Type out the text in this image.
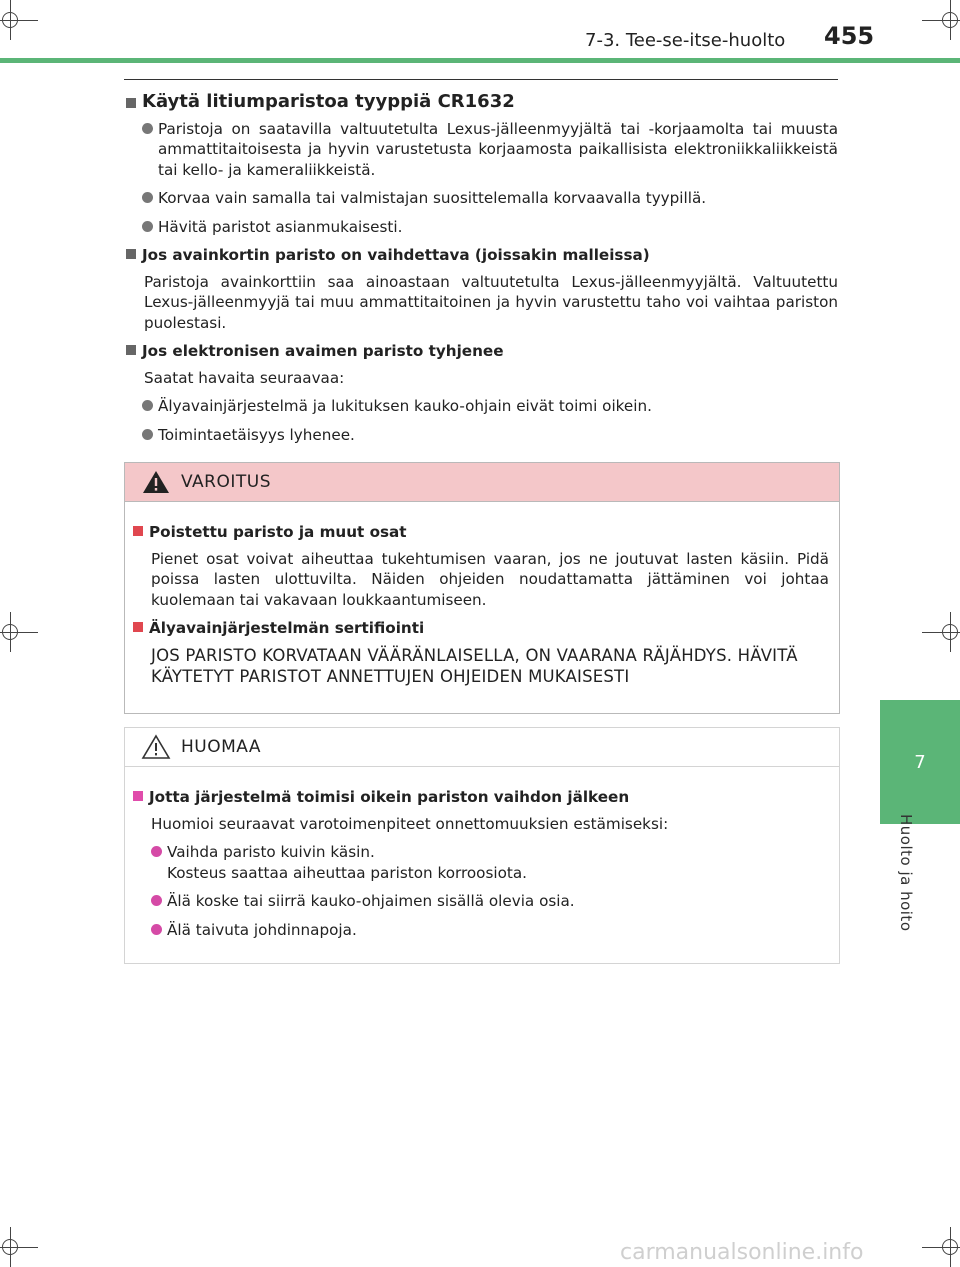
7-3. Tee-se-itse-huolto 455
7
Huolto ja hoito
Käytä litiumparistoa tyyppiä CR1632
Paristoja on saatavilla valtuutetulta Lexus-jälleenmyyjältä tai -korjaamolta tai muusta ammattitaitoisesta ja hyvin varustetusta korjaamosta paikallisista elektroniikkaliikkeistä tai kello- ja kameraliikkeistä.
Korvaa vain samalla tai valmistajan suosittelemalla korvaavalla tyypillä.
Hävitä paristot asianmukaisesti.
Jos avainkortin paristo on vaihdettava (joissakin malleissa)
Paristoja avainkorttiin saa ainoastaan valtuutetulta Lexus-jälleenmyyjältä. Valtuutettu Lexus-jälleenmyyjä tai muu ammattitaitoinen ja hyvin varustettu taho voi vaihtaa pariston puolestasi.
Jos elektronisen avaimen paristo tyhjenee
Saatat havaita seuraavaa:
Älyavainjärjestelmä ja lukituksen kauko-ohjain eivät toimi oikein.
Toimintaetäisyys lyhenee.
VAROITUS
Poistettu paristo ja muut osat
Pienet osat voivat aiheuttaa tukehtumisen vaaran, jos ne joutuvat lasten käsiin. Pidä poissa lasten ulottuvilta. Näiden ohjeiden noudattamatta jättäminen voi johtaa kuolemaan tai vakavaan loukkaantumiseen.
Älyavainjärjestelmän sertifiointi
JOS PARISTO KORVATAAN VÄÄRÄNLAISELLA, ON VAARANA RÄJÄHDYS. HÄVITÄ KÄYTETYT PARISTOT ANNETTUJEN OHJEIDEN MUKAISESTI
HUOMAA
Jotta järjestelmä toimisi oikein pariston vaihdon jälkeen
Huomioi seuraavat varotoimenpiteet onnettomuuksien estämiseksi:
Vaihda paristo kuivin käsin.
Kosteus saattaa aiheuttaa pariston korroosiota.
Älä koske tai siirrä kauko-ohjaimen sisällä olevia osia.
Älä taivuta johdinnapoja.
carmanualsonline.info
